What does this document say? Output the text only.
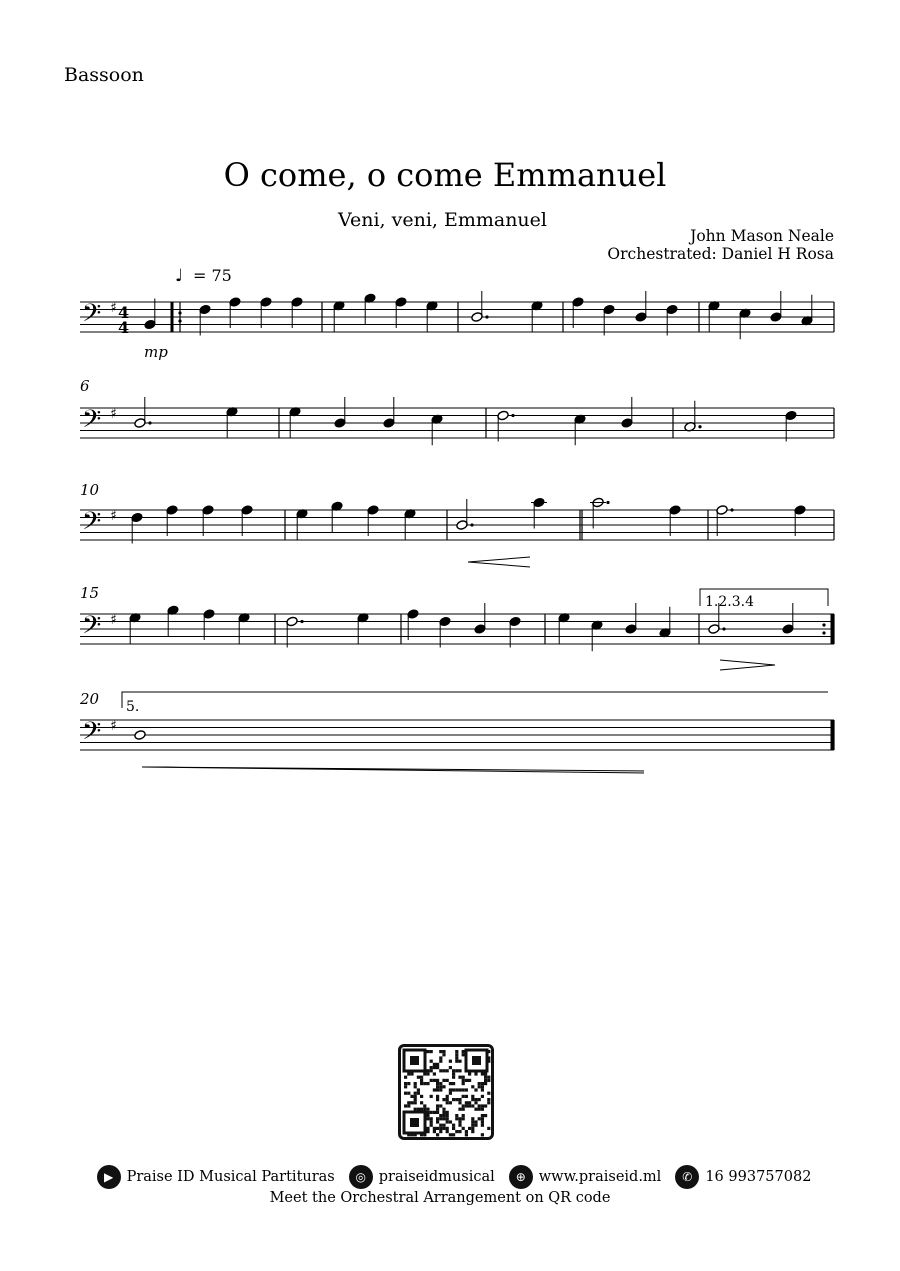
Bassoon
O come, o come Emmanuel
Veni, veni, Emmanuel
John Mason Neale
Orchestrated: Daniel H Rosa
𝄢 ♯
𝄢 ♯
𝄢 ♯
𝄢 ♯
𝄢 ♯
4
4
♩ = 75
mp
6
10
15
20
1.2.3.4
5.
▶ Praise ID Musical Partituras	◎ praiseidmusical	⊕ www.praiseid.ml	✆ 16 993757082
Meet the Orchestral Arrangement on QR code
